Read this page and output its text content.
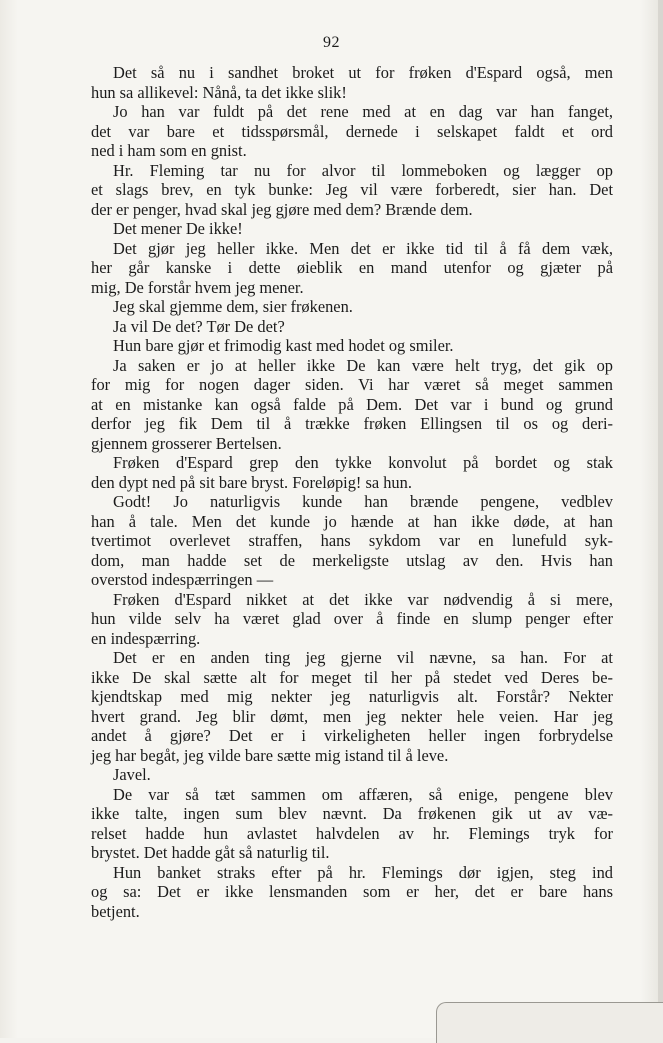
92
Det så nu i sandhet broket ut for frøken d'Espard også, men
hun sa allikevel: Nånå, ta det ikke slik!
Jo han var fuldt på det rene med at en dag var han fanget,
det var bare et tidsspørsmål, dernede i selskapet faldt et ord
ned i ham som en gnist.
Hr. Fleming tar nu for alvor til lommeboken og lægger op
et slags brev, en tyk bunke: Jeg vil være forberedt, sier han. Det
der er penger, hvad skal jeg gjøre med dem? Brænde dem.
Det mener De ikke!
Det gjør jeg heller ikke. Men det er ikke tid til å få dem væk,
her går kanske i dette øieblik en mand utenfor og gjæter på
mig, De forstår hvem jeg mener.
Jeg skal gjemme dem, sier frøkenen.
Ja vil De det? Tør De det?
Hun bare gjør et frimodig kast med hodet og smiler.
Ja saken er jo at heller ikke De kan være helt tryg, det gik op
for mig for nogen dager siden. Vi har været så meget sammen
at en mistanke kan også falde på Dem. Det var i bund og grund
derfor jeg fik Dem til å trække frøken Ellingsen til os og deri-
gjennem grosserer Bertelsen.
Frøken d'Espard grep den tykke konvolut på bordet og stak
den dypt ned på sit bare bryst. Foreløpig! sa hun.
Godt! Jo naturligvis kunde han brænde pengene, vedblev
han å tale. Men det kunde jo hænde at han ikke døde, at han
tvertimot overlevet straffen, hans sykdom var en lunefuld syk-
dom, man hadde set de merkeligste utslag av den. Hvis han
overstod indespærringen —
Frøken d'Espard nikket at det ikke var nødvendig å si mere,
hun vilde selv ha været glad over å finde en slump penger efter
en indespærring.
Det er en anden ting jeg gjerne vil nævne, sa han. For at
ikke De skal sætte alt for meget til her på stedet ved Deres be-
kjendtskap med mig nekter jeg naturligvis alt. Forstår? Nekter
hvert grand. Jeg blir dømt, men jeg nekter hele veien. Har jeg
andet å gjøre? Det er i virkeligheten heller ingen forbrydelse
jeg har begåt, jeg vilde bare sætte mig istand til å leve.
Javel.
De var så tæt sammen om affæren, så enige, pengene blev
ikke talte, ingen sum blev nævnt. Da frøkenen gik ut av væ-
relset hadde hun avlastet halvdelen av hr. Flemings tryk for
brystet. Det hadde gåt så naturlig til.
Hun banket straks efter på hr. Flemings dør igjen, steg ind
og sa: Det er ikke lensmanden som er her, det er bare hans
betjent.
